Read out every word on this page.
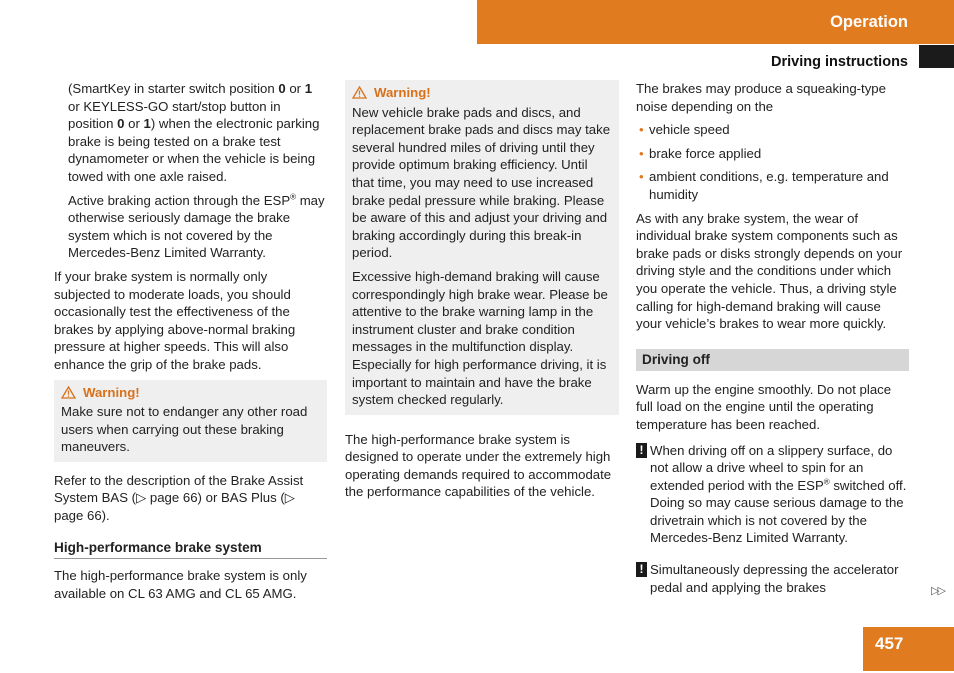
Operation
Driving instructions

(SmartKey in starter switch position 0 or 1 or KEYLESS-GO start/stop button in position 0 or 1) when the electronic parking brake is being tested on a brake test dynamometer or when the vehicle is being towed with one axle raised.

Active braking action through the ESP® may otherwise seriously damage the brake system which is not covered by the Mercedes-Benz Limited Warranty.

If your brake system is normally only subjected to moderate loads, you should occasionally test the effectiveness of the brakes by applying above-normal braking pressure at higher speeds. This will also enhance the grip of the brake pads.

Warning!
Make sure not to endanger any other road users when carrying out these braking maneuvers.

Refer to the description of the Brake Assist System BAS (▷ page 66) or BAS Plus (▷ page 66).

High-performance brake system

The high-performance brake system is only available on CL 63 AMG and CL 65 AMG.

Warning!

New vehicle brake pads and discs, and replacement brake pads and discs may take several hundred miles of driving until they provide optimum braking efficiency. Until that time, you may need to use increased brake pedal pressure while braking. Please be aware of this and adjust your driving and braking accordingly during this break-in period.

Excessive high-demand braking will cause correspondingly high brake wear. Please be attentive to the brake warning lamp in the instrument cluster and brake condition messages in the multifunction display. Especially for high performance driving, it is important to maintain and have the brake system checked regularly.

The high-performance brake system is designed to operate under the extremely high operating demands required to accommodate the performance capabilities of the vehicle.

The brakes may produce a squeaking-type noise depending on the

• vehicle speed
• brake force applied
• ambient conditions, e.g. temperature and humidity

As with any brake system, the wear of individual brake system components such as brake pads or disks strongly depends on your driving style and the conditions under which you operate the vehicle. Thus, a driving style calling for high-demand braking will cause your vehicle’s brakes to wear more quickly.

Driving off

Warm up the engine smoothly. Do not place full load on the engine until the operating temperature has been reached.

! When driving off on a slippery surface, do not allow a drive wheel to spin for an extended period with the ESP® switched off. Doing so may cause serious damage to the drivetrain which is not covered by the Mercedes-Benz Limited Warranty.
! Simultaneously depressing the accelerator pedal and applying the brakes	▷▷
457
